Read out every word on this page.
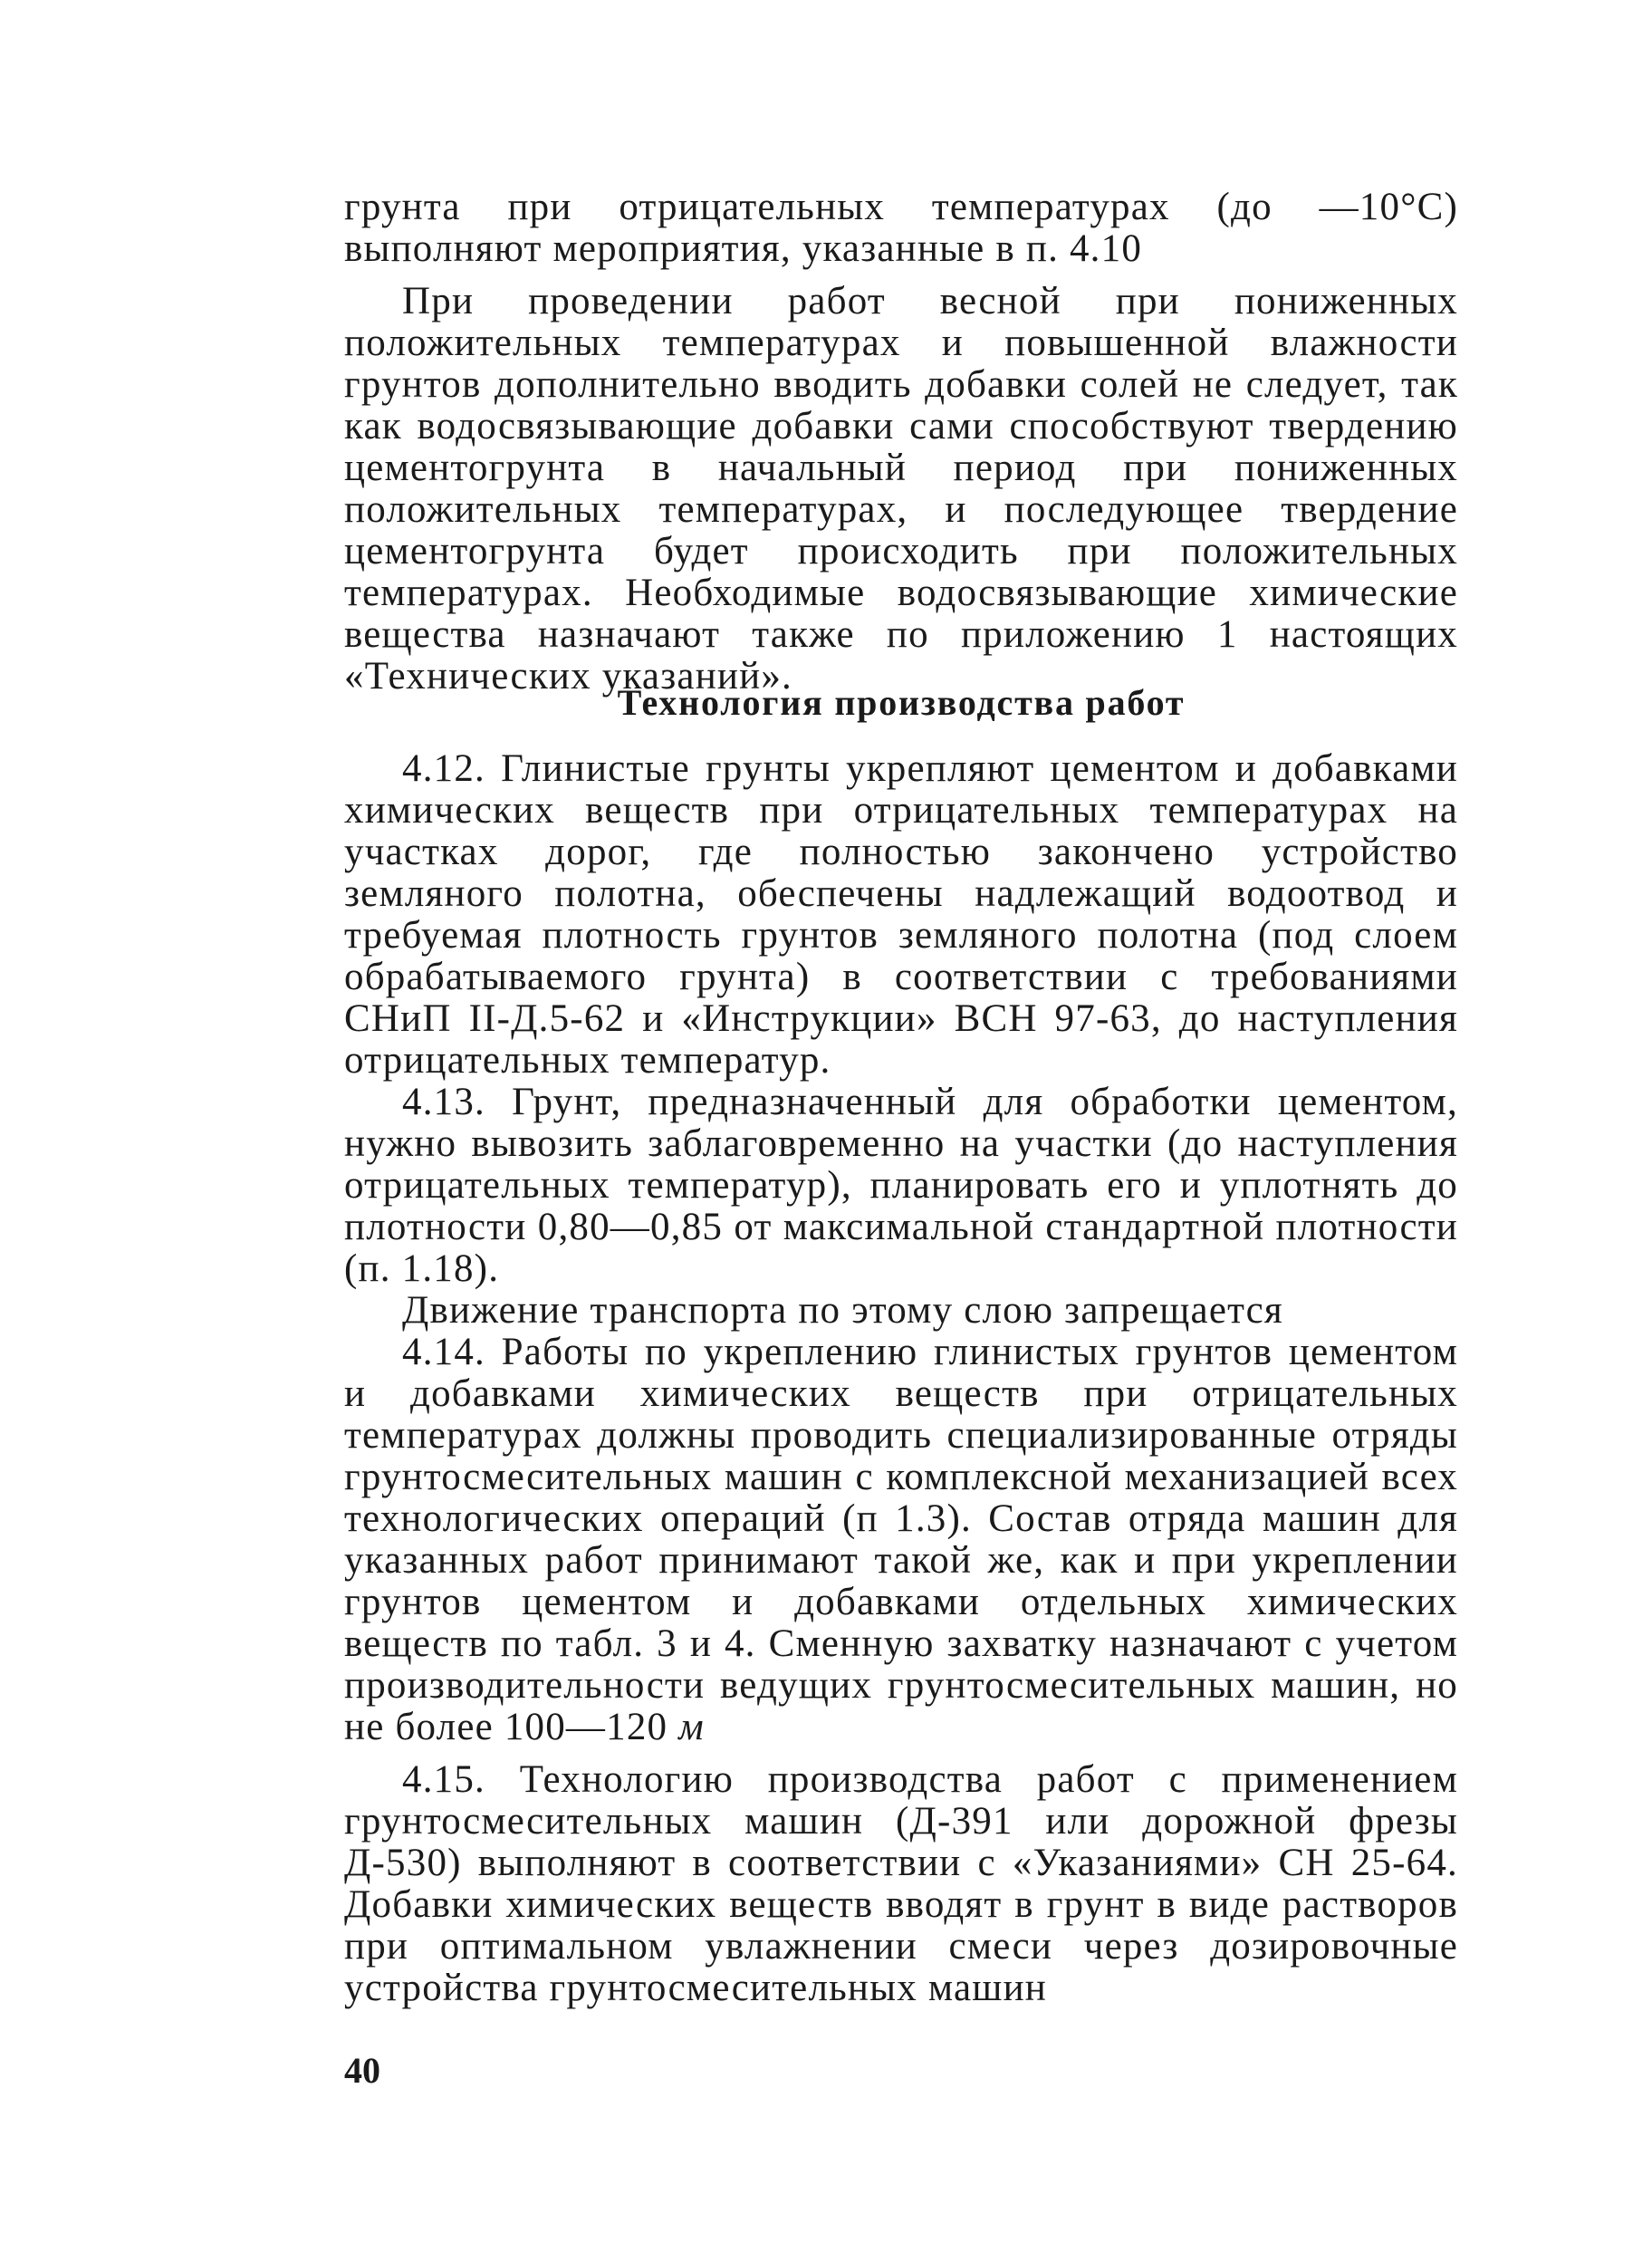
грунта при отрицательных температурах (до —10°С) выполняют мероприятия, указанные в п. 4.10

При проведении работ весной при пониженных положительных температурах и повышенной влажности грунтов дополнительно вводить добавки солей не следует, так как водосвязывающие добавки сами способствуют твердению цементогрунта в начальный период при пониженных положительных температурах, и последующее твердение цементогрунта будет происходить при положительных температурах. Необходимые водосвязывающие химические вещества назначают также по приложению 1 настоящих «Технических указаний».

Технология производства работ

4.12. Глинистые грунты укрепляют цементом и добавками химических веществ при отрицательных температурах на участках дорог, где полностью закончено устройство земляного полотна, обеспечены надлежащий водоотвод и требуемая плотность грунтов земляного полотна (под слоем обрабатываемого грунта) в соответствии с требованиями СНиП II-Д.5-62 и «Инструкции» ВСН 97-63, до наступления отрицательных температур.

4.13. Грунт, предназначенный для обработки цементом, нужно вывозить заблаговременно на участки (до наступления отрицательных температур), планировать его и уплотнять до плотности 0,80—0,85 от максимальной стандартной плотности (п. 1.18).

Движение транспорта по этому слою запрещается

4.14. Работы по укреплению глинистых грунтов цементом и добавками химических веществ при отрицательных температурах должны проводить специализированные отряды грунтосмесительных машин с комплексной механизацией всех технологических операций (п 1.3). Состав отряда машин для указанных работ принимают такой же, как и при укреплении грунтов цементом и добавками отдельных химических веществ по табл. 3 и 4. Сменную захватку назначают с учетом производительности ведущих грунтосмесительных машин, но не более 100—120 м

4.15. Технологию производства работ с применением грунтосмесительных машин (Д-391 или дорожной фрезы Д-530) выполняют в соответствии с «Указаниями» СН 25-64. Добавки химических веществ вводят в грунт в виде растворов при оптимальном увлажнении смеси через дозировочные устройства грунтосмесительных машин

40
